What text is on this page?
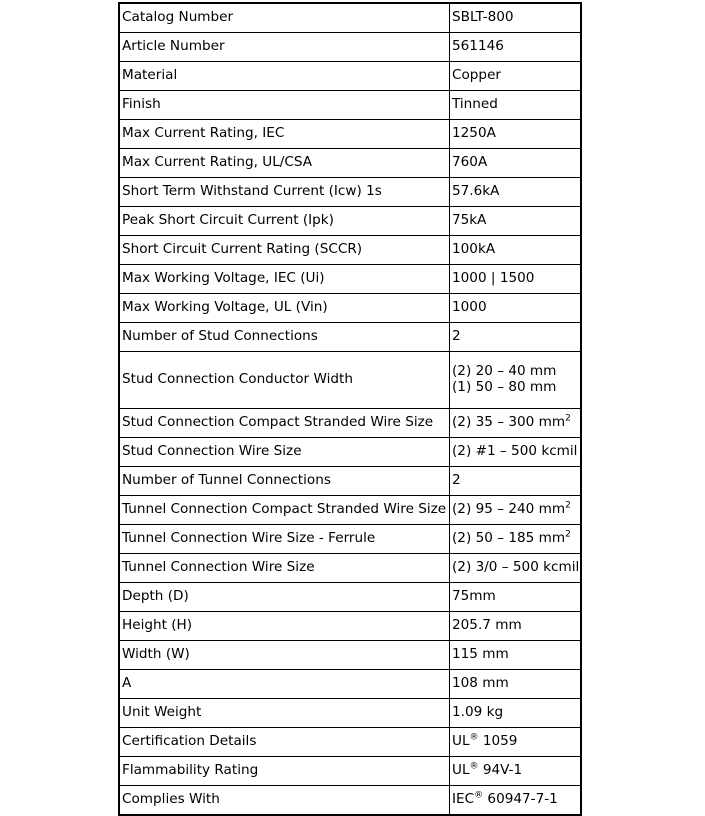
Catalog Number	SBLT-800
Article Number	561146
Material	Copper
Finish	Tinned
Max Current Rating, IEC	1250A
Max Current Rating, UL/CSA	760A
Short Term Withstand Current (Icw) 1s	57.6kA
Peak Short Circuit Current (Ipk)	75kA
Short Circuit Current Rating (SCCR)	100kA
Max Working Voltage, IEC (Ui)	1000 | 1500
Max Working Voltage, UL (Vin)	1000
Number of Stud Connections	2
Stud Connection Conductor Width	(2) 20 – 40 mm
(1) 50 – 80 mm

Stud Connection Compact Stranded Wire Size	(2) 35 – 300 $mm^2$
Stud Connection Wire Size	(2) #1 – 500 kcmil
Number of Tunnel Connections	2
Tunnel Connection Compact Stranded Wire Size	(2) 95 – 240 $mm^2$
Tunnel Connection Wire Size - Ferrule	(2) 50 – 185 $mm^2$
Tunnel Connection Wire Size	(2) 3/0 – 500 kcmil
Depth (D)	75mm
Height (H)	205.7 mm
Width (W)	115 mm
A	108 mm
Unit Weight	1.09 kg
Certification Details	UL® 1059
Flammability Rating	UL® 94V-1
Complies With	IEC® 60947-7-1
